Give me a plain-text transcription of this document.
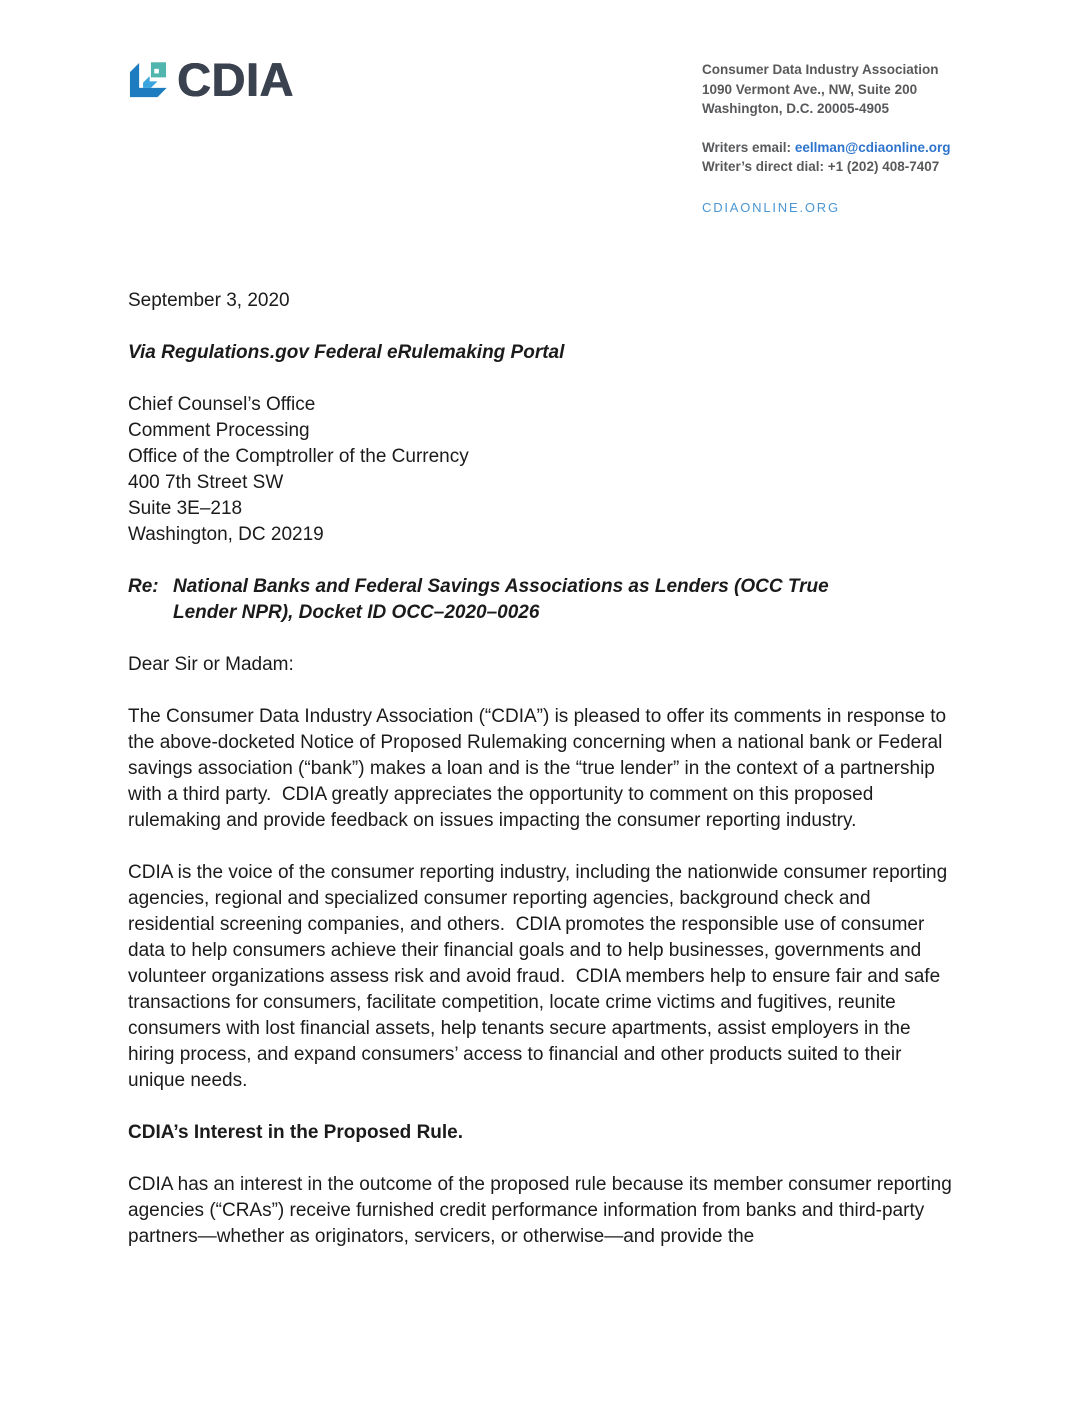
CDIA	Consumer Data Industry Association
1090 Vermont Ave., NW, Suite 200
Washington, D.C. 20005-4905
Writers email: eellman@cdiaonline.org
Writer’s direct dial: +1 (202) 408-7407
CDIAONLINE.ORG

September 3, 2020

Via Regulations.gov Federal eRulemaking Portal

Chief Counsel’s Office
Comment Processing
Office of the Comptroller of the Currency
400 7th Street SW
Suite 3E–218
Washington, DC 20219
Re: National Banks and Federal Savings Associations as Lenders (OCC True Lender NPR), Docket ID OCC–2020–0026

Dear Sir or Madam:

The Consumer Data Industry Association (“CDIA”) is pleased to offer its comments in response to the above-docketed Notice of Proposed Rulemaking concerning when a national bank or Federal savings association (“bank”) makes a loan and is the “true lender” in the context of a partnership with a third party.  CDIA greatly appreciates the opportunity to comment on this proposed rulemaking and provide feedback on issues impacting the consumer reporting industry.

CDIA is the voice of the consumer reporting industry, including the nationwide consumer reporting agencies, regional and specialized consumer reporting agencies, background check and residential screening companies, and others.  CDIA promotes the responsible use of consumer data to help consumers achieve their financial goals and to help businesses, governments and volunteer organizations assess risk and avoid fraud.  CDIA members help to ensure fair and safe transactions for consumers, facilitate competition, locate crime victims and fugitives, reunite consumers with lost financial assets, help tenants secure apartments, assist employers in the hiring process, and expand consumers’ access to financial and other products suited to their unique needs.

CDIA’s Interest in the Proposed Rule.

CDIA has an interest in the outcome of the proposed rule because its member consumer reporting agencies (“CRAs”) receive furnished credit performance information from banks and third-party partners—whether as originators, servicers, or otherwise—and provide the
